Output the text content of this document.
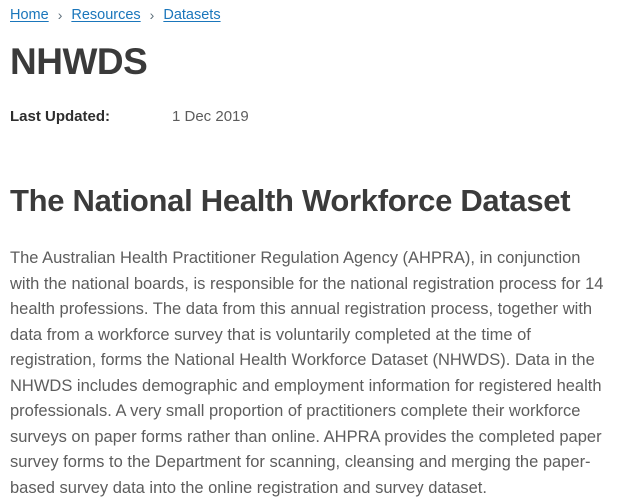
Home › Resources › Datasets
NHWDS
Last Updated:	1 Dec 2019
The National Health Workforce Dataset

The Australian Health Practitioner Regulation Agency (AHPRA), in conjunction with the national boards, is responsible for the national registration process for 14 health professions. The data from this annual registration process, together with data from a workforce survey that is voluntarily completed at the time of registration, forms the National Health Workforce Dataset (NHWDS). Data in the NHWDS includes demographic and employment information for registered health professionals. A very small proportion of practitioners complete their workforce surveys on paper forms rather than online. AHPRA provides the completed paper survey forms to the Department for scanning, cleansing and merging the paper-based survey data into the online registration and survey dataset.
